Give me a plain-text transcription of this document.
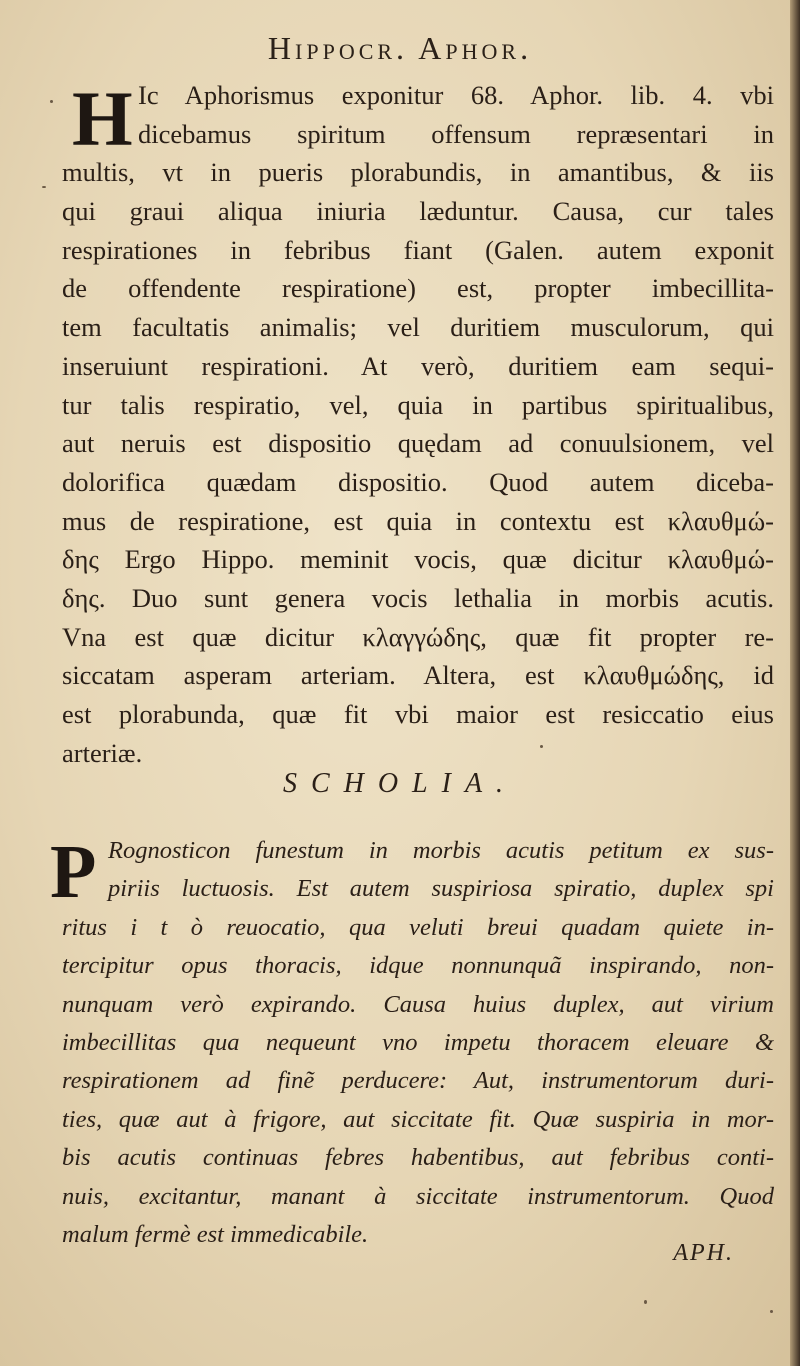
Hippocr. Aphor.
H Ic Aphorismus exponitur 68. Aphor. lib. 4. vbi
dicebamus spiritum offensum repræsentari in
multis, vt in pueris plorabundis, in amantibus, & iis
qui graui aliqua iniuria læduntur. Causa, cur tales
respirationes in febribus fiant (Galen. autem exponit
de offendente respiratione) est, propter imbecillita-
tem facultatis animalis; vel duritiem musculorum, qui
inseruiunt respirationi. At verò, duritiem eam sequi-
tur talis respiratio, vel, quia in partibus spiritualibus,
aut neruis est dispositio quędam ad conuulsionem, vel
dolorifica quædam dispositio. Quod autem diceba-
mus de respiratione, est quia in contextu est κλαυθμώ-
δης Ergo Hippo. meminit vocis, quæ dicitur κλαυθμώ-
δης. Duo sunt genera vocis lethalia in morbis acutis.
Vna est quæ dicitur κλαγγώδης, quæ fit propter re-
siccatam asperam arteriam. Altera, est κλαυθμώδης, id
est plorabunda, quæ fit vbi maior est resiccatio eius
arteriæ.
SCHOLIA.
P Rognosticon funestum in morbis acutis petitum ex sus-
piriis luctuosis. Est autem suspiriosa spiratio, duplex spi
ritus i t ò reuocatio, qua veluti breui quadam quiete in-
tercipitur opus thoracis, idque nonnunquã inspirando, non-
nunquam verò expirando. Causa huius duplex, aut virium
imbecillitas qua nequeunt vno impetu thoracem eleuare &
respirationem ad finẽ perducere: Aut, instrumentorum duri-
ties, quæ aut à frigore, aut siccitate fit. Quæ suspiria in mor-
bis acutis continuas febres habentibus, aut febribus conti-
nuis, excitantur, manant à siccitate instrumentorum. Quod
malum fermè est immedicabile.
APH.
